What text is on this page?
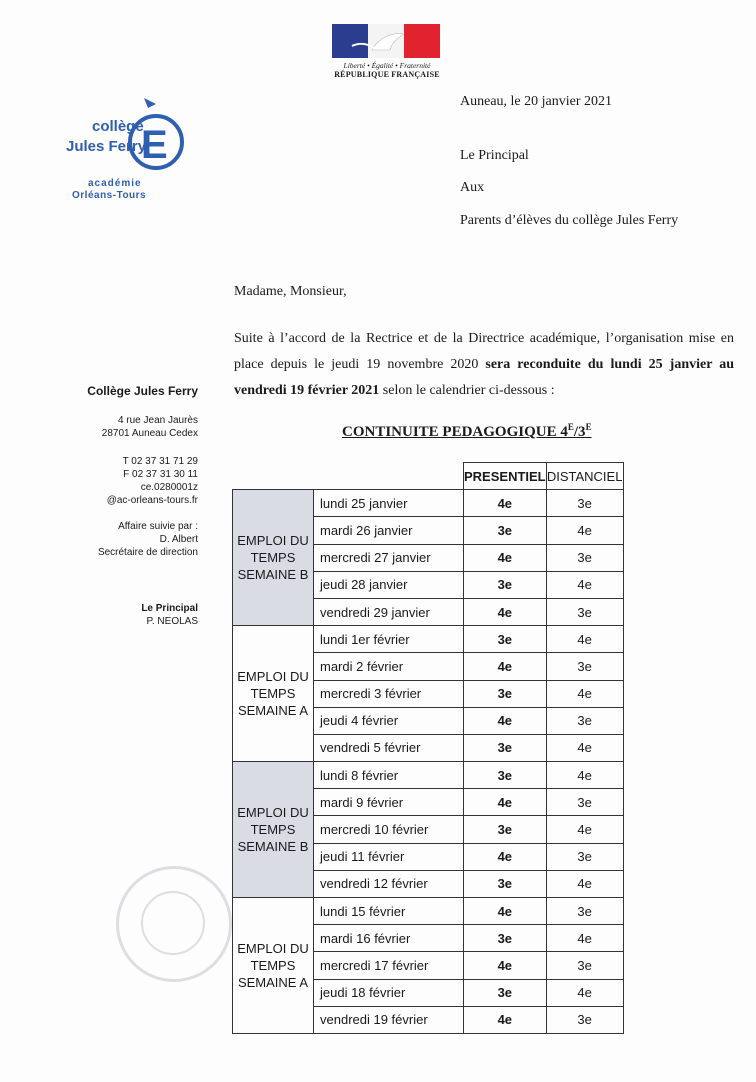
Liberté • Égalité • Fraternité
RÉPUBLIQUE FRANÇAISE
E
collège
Jules Ferry
académie
Orléans-Tours
Auneau, le 20 janvier 2021
Le Principal
Aux
Parents d’élèves du collège Jules Ferry
Madame, Monsieur,
Suite à l’accord de la Rectrice et de la Directrice académique, l’organisation mise en place depuis le jeudi 19 novembre 2020 sera reconduite du lundi 25 janvier au vendredi 19 février 2021 selon le calendrier ci-dessous :
Collège Jules Ferry
4 rue Jean Jaurès
28701 Auneau Cedex
T 02 37 31 71 29
F 02 37 31 30 11
ce.0280001z
@ac-orleans-tours.fr
Affaire suivie par :
D. Albert
Secrétaire de direction
Le Principal
P. NEOLAS
CONTINUITE PEDAGOGIQUE $4^E/3^E$
		PRESENTIEL	DISTANCIEL

EMPLOI DU
TEMPS
SEMAINE B	lundi 25 janvier	4e	3e
	mardi 26 janvier	3e	4e
	mercredi 27 janvier	4e	3e
	jeudi 28 janvier	3e	4e
	vendredi 29 janvier	4e	3e

EMPLOI DU
TEMPS
SEMAINE A	lundi 1er février	3e	4e
	mardi 2 février	4e	3e
	mercredi 3 février	3e	4e
	jeudi 4 février	4e	3e
	vendredi 5 février	3e	4e

EMPLOI DU
TEMPS
SEMAINE B	lundi 8 février	3e	4e
	mardi 9 février	4e	3e
	mercredi 10 février	3e	4e
	jeudi 11 février	4e	3e
	vendredi 12 février	3e	4e

EMPLOI DU
TEMPS
SEMAINE A	lundi 15 février	4e	3e
	mardi 16 février	3e	4e
	mercredi 17 février	4e	3e
	jeudi 18 février	3e	4e
	vendredi 19 février	4e	3e
